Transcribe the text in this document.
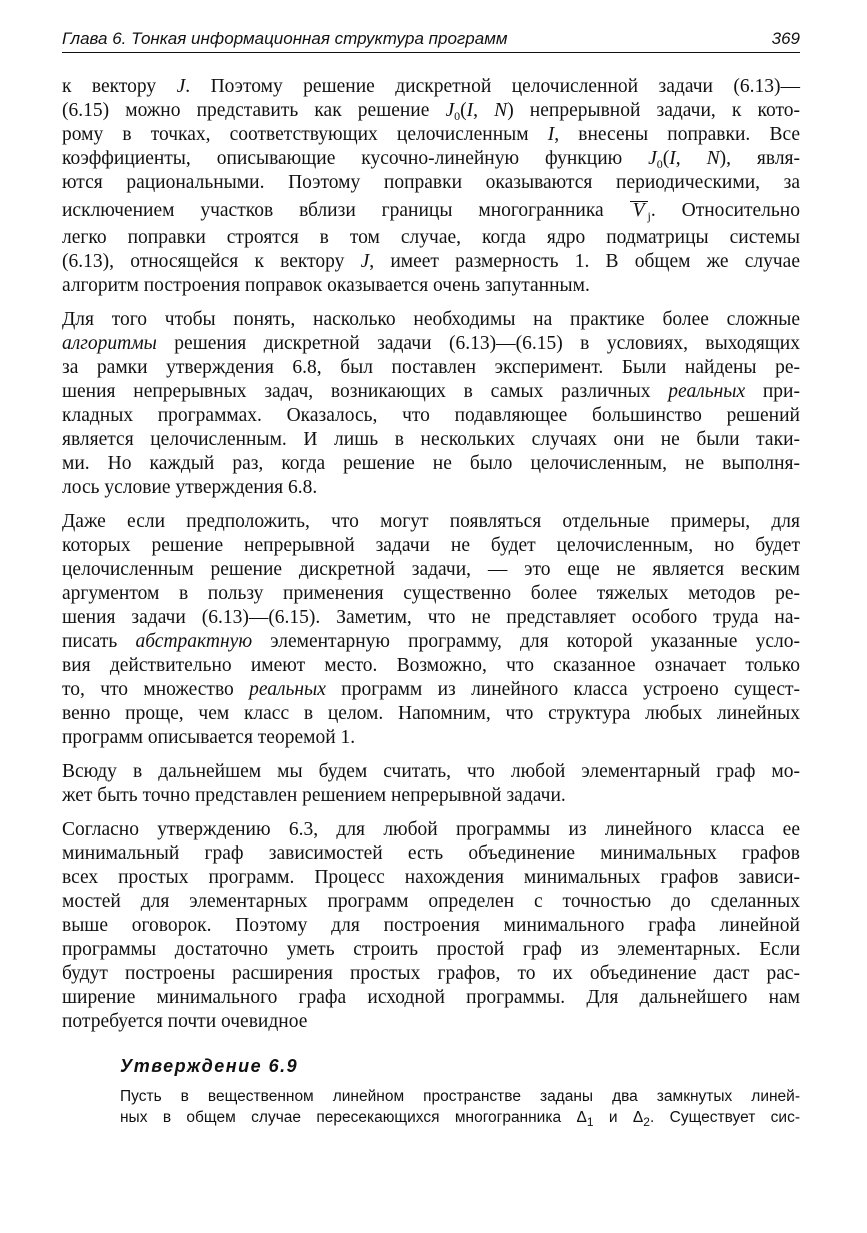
Глава 6. Тонкая информационная структура программ	369

к вектору J. Поэтому решение дискретной целочисленной задачи (6.13)—
(6.15) можно представить как решение $J_0(I$, N) непрерывной задачи, к кото-
рому в точках, соответствующих целочисленным I, внесены поправки. Все
коэффициенты, описывающие кусочно-линейную функцию $J_0(I$, N), явля-
ются рациональными. Поэтому поправки оказываются периодическими, за
исключением участков вблизи границы многогранника V $_j$. Относительно
легко поправки строятся в том случае, когда ядро подматрицы системы
(6.13), относящейся к вектору J, имеет размерность 1. В общем же случае
алгоритм построения поправок оказывается очень запутанным.

Для того чтобы понять, насколько необходимы на практике более сложные
алгоритмы решения дискретной задачи (6.13)—(6.15) в условиях, выходящих
за рамки утверждения 6.8, был поставлен эксперимент. Были найдены ре-
шения непрерывных задач, возникающих в самых различных реальных при-
кладных программах. Оказалось, что подавляющее большинство решений
является целочисленным. И лишь в нескольких случаях они не были таки-
ми. Но каждый раз, когда решение не было целочисленным, не выполня-
лось условие утверждения 6.8.

Даже если предположить, что могут появляться отдельные примеры, для
которых решение непрерывной задачи не будет целочисленным, но будет
целочисленным решение дискретной задачи, — это еще не является веским
аргументом в пользу применения существенно более тяжелых методов ре-
шения задачи (6.13)—(6.15). Заметим, что не представляет особого труда на-
писать абстрактную элементарную программу, для которой указанные усло-
вия действительно имеют место. Возможно, что сказанное означает только
то, что множество реальных программ из линейного класса устроено сущест-
венно проще, чем класс в целом. Напомним, что структура любых линейных
программ описывается теоремой 1.

Всюду в дальнейшем мы будем считать, что любой элементарный граф мо-
жет быть точно представлен решением непрерывной задачи.

Согласно утверждению 6.3, для любой программы из линейного класса ее
минимальный граф зависимостей есть объединение минимальных графов
всех простых программ. Процесс нахождения минимальных графов зависи-
мостей для элементарных программ определен с точностью до сделанных
выше оговорок. Поэтому для построения минимального графа линейной
программы достаточно уметь строить простой граф из элементарных. Если
будут построены расширения простых графов, то их объединение даст рас-
ширение минимального графа исходной программы. Для дальнейшего нам
потребуется почти очевидное

Утверждение 6.9
Пусть в вещественном линейном пространстве заданы два замкнутых линей-
ных в общем случае пересекающихся многогранника $\Delta_1$ и $\Delta_2$. Существует сис-
